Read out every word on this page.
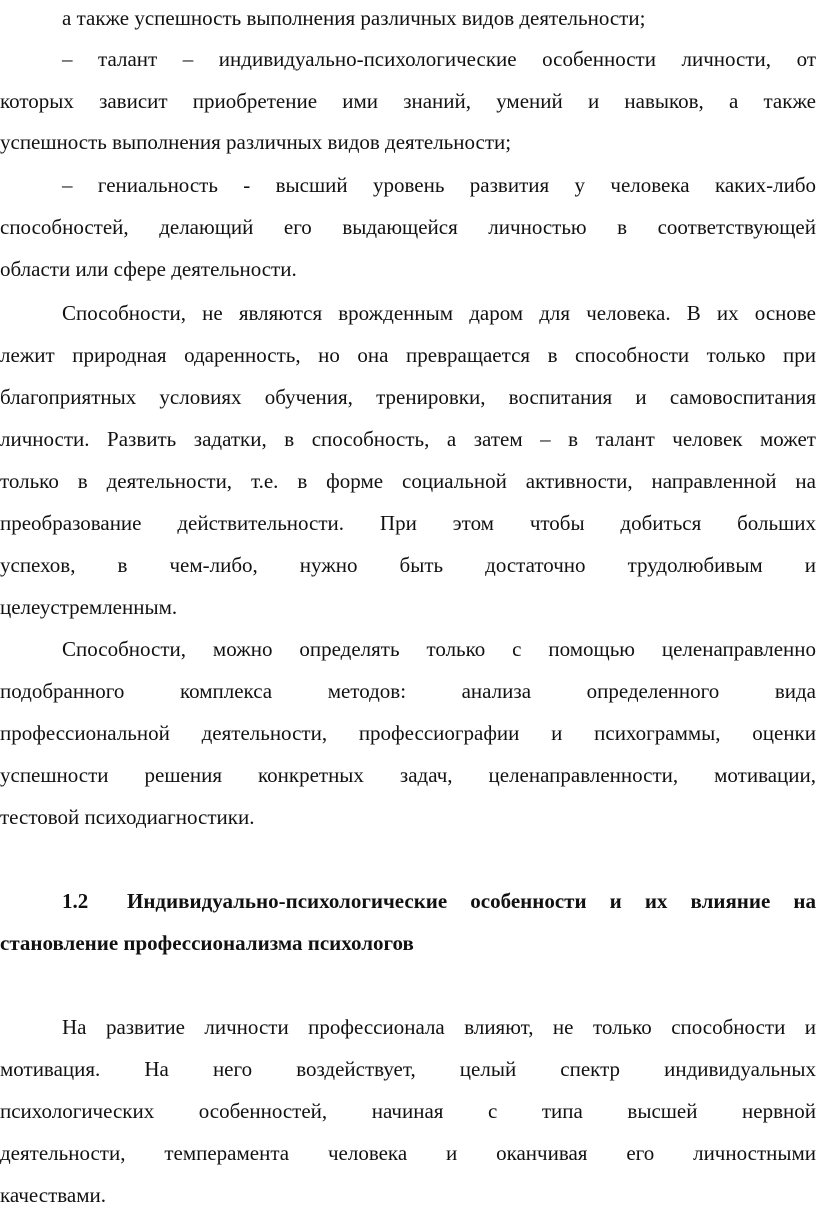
а также успешность выполнения различных видов деятельности;
– талант – индивидуально-психологические особенности личности, от
которых зависит приобретение ими знаний, умений и навыков, а также
успешность выполнения различных видов деятельности;
– гениальность - высший уровень развития у человека каких-либо
способностей, делающий его выдающейся личностью в соответствующей
области или сфере деятельности.
Способности, не являются врожденным даром для человека. В их основе
лежит природная одаренность, но она превращается в способности только при
благоприятных условиях обучения, тренировки, воспитания и самовоспитания
личности. Развить задатки, в способность, а затем – в талант человек может
только в деятельности, т.е. в форме социальной активности, направленной на
преобразование действительности. При этом чтобы добиться больших
успехов, в чем-либо, нужно быть достаточно трудолюбивым и
целеустремленным.
Способности, можно определять только с помощью целенаправленно
подобранного комплекса методов: анализа определенного вида
профессиональной деятельности, профессиографии и психограммы, оценки
успешности решения конкретных задач, целенаправленности, мотивации,
тестовой психодиагностики.
1.2 Индивидуально-психологические особенности и их влияние на
становление профессионализма психологов
На развитие личности профессионала влияют, не только способности и
мотивация. На него воздействует, целый спектр индивидуальных
психологических особенностей, начиная с типа высшей нервной
деятельности, темперамента человека и оканчивая его личностными
качествами.
